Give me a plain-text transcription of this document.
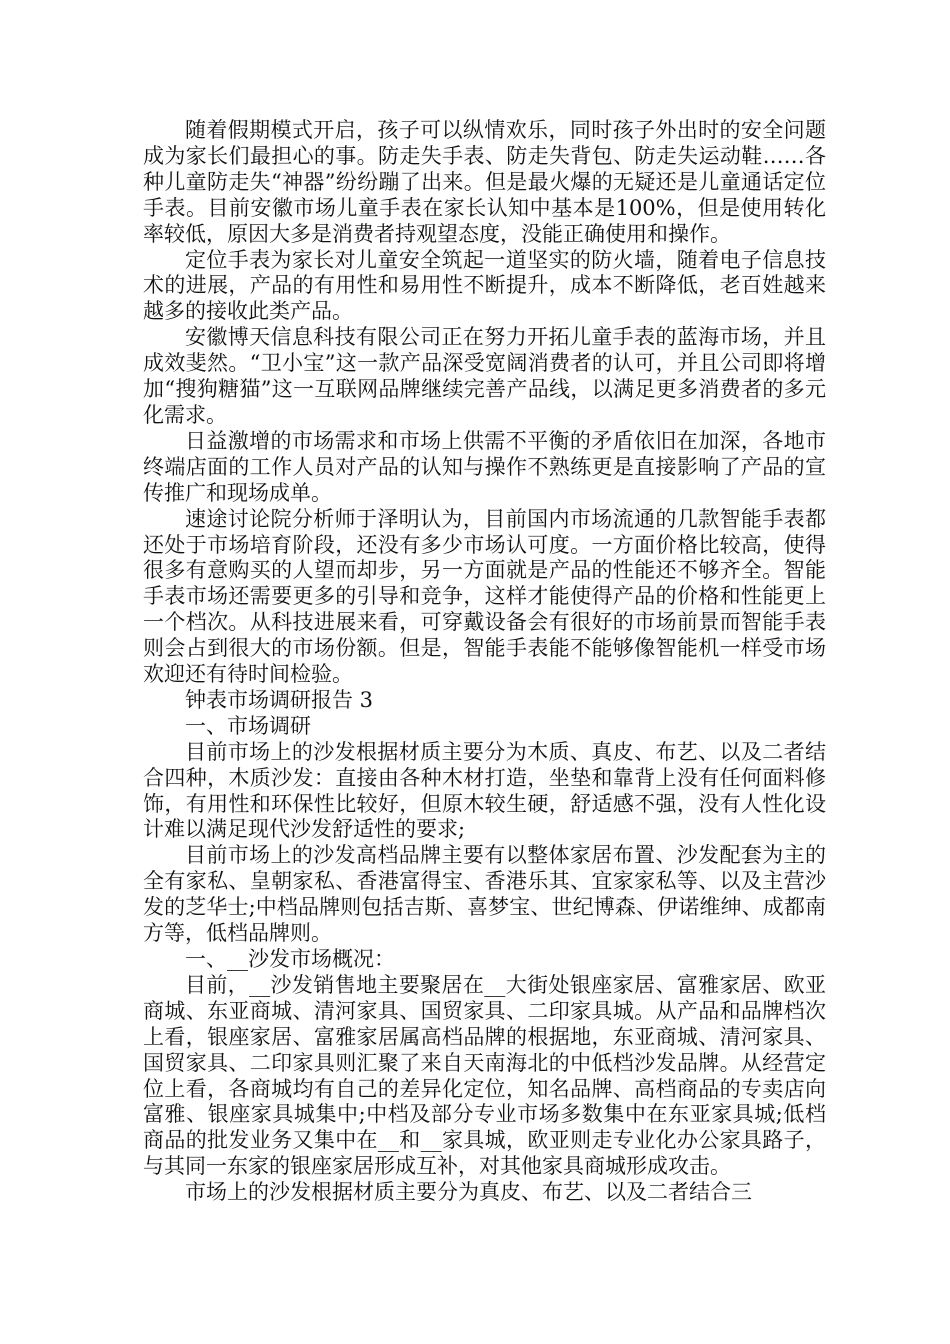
随着假期模式开启，孩子可以纵情欢乐，同时孩子外出时的安全问题成为家长们最担心的事。防走失手表、防走失背包、防走失运动鞋……各种儿童防走失“神器”纷纷蹦了出来。但是最火爆的无疑还是儿童通话定位手表。目前安徽市场儿童手表在家长认知中基本是100%，但是使用转化率较低，原因大多是消费者持观望态度，没能正确使用和操作。

定位手表为家长对儿童安全筑起一道坚实的防火墙，随着电子信息技术的进展，产品的有用性和易用性不断提升，成本不断降低，老百姓越来越多的接收此类产品。

安徽博天信息科技有限公司正在努力开拓儿童手表的蓝海市场，并且成效斐然。“卫小宝”这一款产品深受宽阔消费者的认可，并且公司即将增加“搜狗糖猫”这一互联网品牌继续完善产品线，以满足更多消费者的多元化需求。

日益激增的市场需求和市场上供需不平衡的矛盾依旧在加深，各地市终端店面的工作人员对产品的认知与操作不熟练更是直接影响了产品的宣传推广和现场成单。

速途讨论院分析师于泽明认为，目前国内市场流通的几款智能手表都还处于市场培育阶段，还没有多少市场认可度。一方面价格比较高，使得很多有意购买的人望而却步，另一方面就是产品的性能还不够齐全。智能手表市场还需要更多的引导和竞争，这样才能使得产品的价格和性能更上一个档次。从科技进展来看，可穿戴设备会有很好的市场前景而智能手表则会占到很大的市场份额。但是，智能手表能不能够像智能机一样受市场欢迎还有待时间检验。

钟表市场调研报告 3

一、市场调研

目前市场上的沙发根据材质主要分为木质、真皮、布艺、以及二者结合四种，木质沙发：直接由各种木材打造，坐垫和靠背上没有任何面料修饰，有用性和环保性比较好，但原木较生硬，舒适感不强，没有人性化设计难以满足现代沙发舒适性的要求;

目前市场上的沙发高档品牌主要有以整体家居布置、沙发配套为主的全有家私、皇朝家私、香港富得宝、香港乐其、宜家家私等、以及主营沙发的芝华士;中档品牌则包括吉斯、喜梦宝、世纪博森、伊诺维绅、成都南方等，低档品牌则。

一、__沙发市场概况：

目前，__沙发销售地主要聚居在__大街处银座家居、富雅家居、欧亚商城、东亚商城、清河家具、国贸家具、二印家具城。从产品和品牌档次上看，银座家居、富雅家居属高档品牌的根据地，东亚商城、清河家具、国贸家具、二印家具则汇聚了来自天南海北的中低档沙发品牌。从经营定位上看，各商城均有自己的差异化定位，知名品牌、高档商品的专卖店向富雅、银座家具城集中;中档及部分专业市场多数集中在东亚家具城;低档商品的批发业务又集中在__和__家具城，欧亚则走专业化办公家具路子，与其同一东家的银座家居形成互补，对其他家具商城形成攻击。

市场上的沙发根据材质主要分为真皮、布艺、以及二者结合三
